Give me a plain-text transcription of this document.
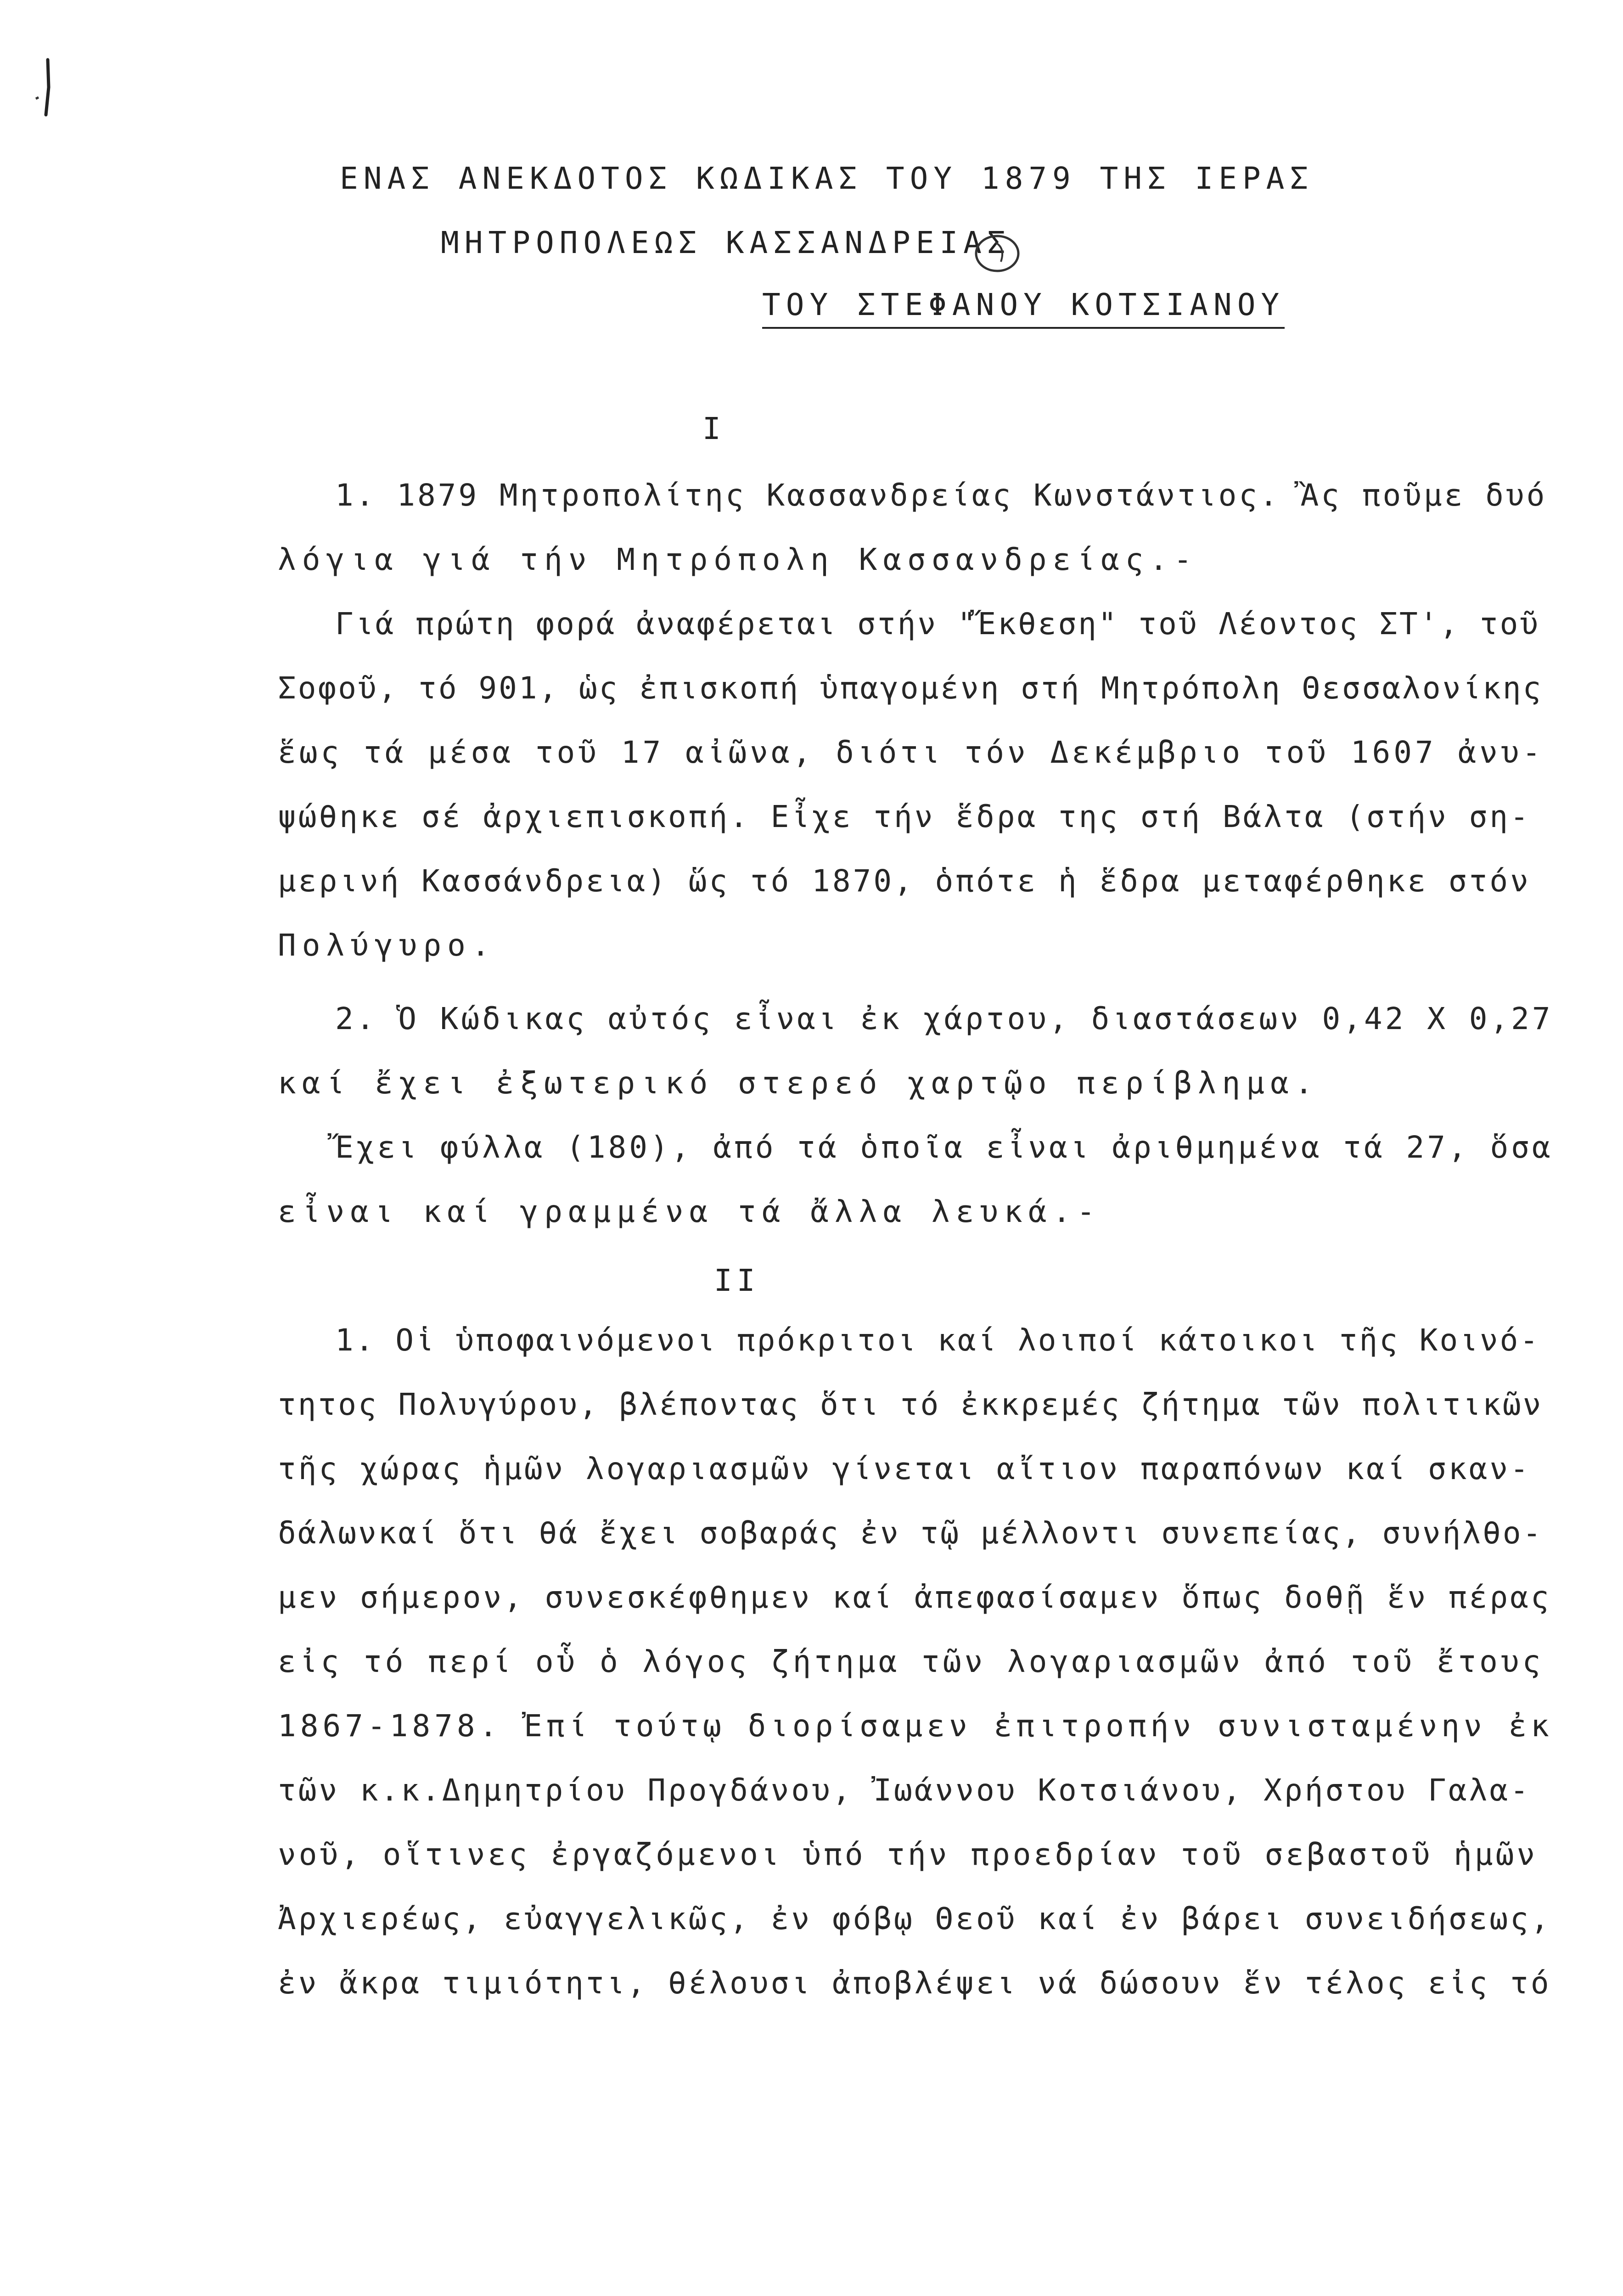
ΕΝΑΣ ΑΝΕΚΔΟΤΟΣ ΚΩΔΙΚΑΣ ΤΟΥ 1879 ΤΗΣ ΙΕΡΑΣ
ΜΗΤΡΟΠΟΛΕΩΣ ΚΑΣΣΑΝΔΡΕΙΑΣ
ΤΟΥ ΣΤΕΦΑΝΟΥ ΚΟΤΣΙΑΝΟΥ
Ι
1. 1879 Μητροπολίτης Κασσανδρείας Κωνστάντιος. Ἂς ποῦμε δυό
λόγια γιά τήν Μητρόπολη Κασσανδρείας.-
Γιά πρώτη φορά ἀναφέρεται στήν "Ἔκθεση" τοῦ Λέοντος ΣΤ', τοῦ
Σοφοῦ, τό 901, ὡς ἐπισκοπή ὑπαγομένη στή Μητρόπολη Θεσσαλονίκης
ἕως τά μέσα τοῦ 17 αἰῶνα, διότι τόν Δεκέμβριο τοῦ 1607 ἀνυ-
ψώθηκε σέ ἀρχιεπισκοπή. Εἶχε τήν ἕδρα της στή Βάλτα (στήν ση-
μερινή Κασσάνδρεια) ὥς τό 1870, ὁπότε ἡ ἕδρα μεταφέρθηκε στόν
Πολύγυρο.
2. Ὁ Κώδικας αὐτός εἶναι ἐκ χάρτου, διαστάσεων 0,42 Χ 0,27
καί ἔχει ἐξωτερικό στερεό χαρτῷο περίβλημα.
Ἔχει φύλλα (180), ἀπό τά ὁποῖα εἶναι ἀριθμημένα τά 27, ὅσα
εἶναι καί γραμμένα τά ἄλλα λευκά.-
ΙΙ
1. Οἱ ὑποφαινόμενοι πρόκριτοι καί λοιποί κάτοικοι τῆς Κοινό-
τητος Πολυγύρου, βλέποντας ὅτι τό ἐκκρεμές ζήτημα τῶν πολιτικῶν
τῆς χώρας ἡμῶν λογαριασμῶν γίνεται αἴτιον παραπόνων καί σκαν-
δάλωνκαί ὅτι θά ἔχει σοβαράς ἐν τῷ μέλλοντι συνεπείας, συνήλθο-
μεν σήμερον, συνεσκέφθημεν καί ἀπεφασίσαμεν ὅπως δοθῇ ἕν πέρας
εἰς τό περί οὗ ὁ λόγος ζήτημα τῶν λογαριασμῶν ἀπό τοῦ ἔτους
1867-1878. Ἐπί τούτῳ διορίσαμεν ἐπιτροπήν συνισταμένην ἐκ
τῶν κ.κ.Δημητρίου Προγδάνου, Ἰωάννου Κοτσιάνου, Χρήστου Γαλα-
νοῦ, οἵτινες ἐργαζόμενοι ὑπό τήν προεδρίαν τοῦ σεβαστοῦ ἡμῶν
Ἀρχιερέως, εὐαγγελικῶς, ἐν φόβῳ Θεοῦ καί ἐν βάρει συνειδήσεως,
ἐν ἄκρα τιμιότητι, θέλουσι ἀποβλέψει νά δώσουν ἕν τέλος εἰς τό
